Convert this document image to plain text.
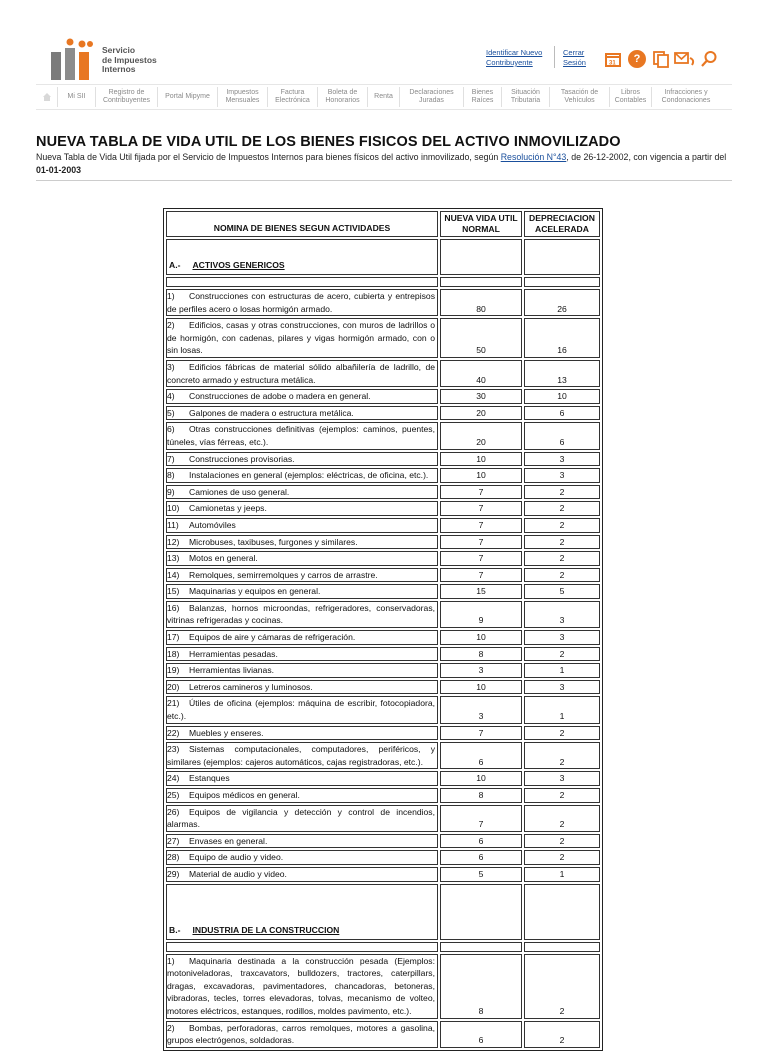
Servicio
de Impuestos
Internos
Identificar Nuevo
Contribuyente
Cerrar
Sesión	31	?
Mi SII
Registro de
Contribuyentes
Portal Mipyme
Impuestos
Mensuales
Factura
Electrónica
Boleta de
Honorarios
Renta
Declaraciones
Juradas
Bienes
Raíces
Situación
Tributaria
Tasación de
Vehículos
Libros
Contables
Infracciones y
Condonaciones
NUEVA TABLA DE VIDA UTIL DE LOS BIENES FISICOS DEL ACTIVO INMOVILIZADO
Nueva Tabla de Vida Util fijada por el Servicio de Impuestos Internos para bienes físicos del activo inmovilizado, según Resolución N°43, de 26-12-2002, con vigencia a partir del 01-01-2003
NOMINA DE BIENES SEGUN ACTIVIDADES	NUEVA VIDA UTIL NORMAL	DEPRECIACION ACELERADA
A.- ACTIVOS GENERICOS		

1) Construcciones con estructuras de acero, cubierta y entrepisos de perfiles acero o losas hormigón armado.	80	26
2) Edificios, casas y otras construcciones, con muros de ladrillos o de hormigón, con cadenas, pilares y vigas hormigón armado, con o sin losas.	50	16
3) Edificios fábricas de material sólido albañilería de ladrillo, de concreto armado y estructura metálica.	40	13
4) Construcciones de adobe o madera en general.	30	10
5) Galpones de madera o estructura metálica.	20	6
6) Otras construcciones definitivas (ejemplos: caminos, puentes, túneles, vías férreas, etc.).	20	6
7) Construcciones provisorias.	10	3
8) Instalaciones en general (ejemplos: eléctricas, de oficina, etc.).	10	3
9) Camiones de uso general.	7	2
10) Camionetas y jeeps.	7	2
11) Automóviles	7	2
12) Microbuses, taxibuses, furgones y similares.	7	2
13) Motos en general.	7	2
14) Remolques, semirremolques y carros de arrastre.	7	2
15) Maquinarias y equipos en general.	15	5
16) Balanzas, hornos microondas, refrigeradores, conservadoras, vitrinas refrigeradas y cocinas.	9	3
17) Equipos de aire y cámaras de refrigeración.	10	3
18) Herramientas pesadas.	8	2
19) Herramientas livianas.	3	1
20) Letreros camineros y luminosos.	10	3
21) Útiles de oficina (ejemplos: máquina de escribir, fotocopiadora, etc.).	3	1
22) Muebles y enseres.	7	2
23) Sistemas computacionales, computadores, periféricos, y similares (ejemplos: cajeros automáticos, cajas registradoras, etc.).	6	2
24) Estanques	10	3
25) Equipos médicos en general.	8	2
26) Equipos de vigilancia y detección y control de incendios, alarmas.	7	2
27) Envases en general.	6	2
28) Equipo de audio y video.	6	2
29) Material de audio y video.	5	1
B.- INDUSTRIA DE LA CONSTRUCCION		

1) Maquinaria destinada a la construcción pesada (Ejemplos: motoniveladoras, traxcavators, bulldozers, tractores, caterpillars, dragas, excavadoras, pavimentadores, chancadoras, betoneras, vibradoras, tecles, torres elevadoras, tolvas, mecanismo de volteo, motores eléctricos, estanques, rodillos, moldes pavimento, etc.).	8	2
2) Bombas, perforadoras, carros remolques, motores a gasolina, grupos electrógenos, soldadoras.	6	2
